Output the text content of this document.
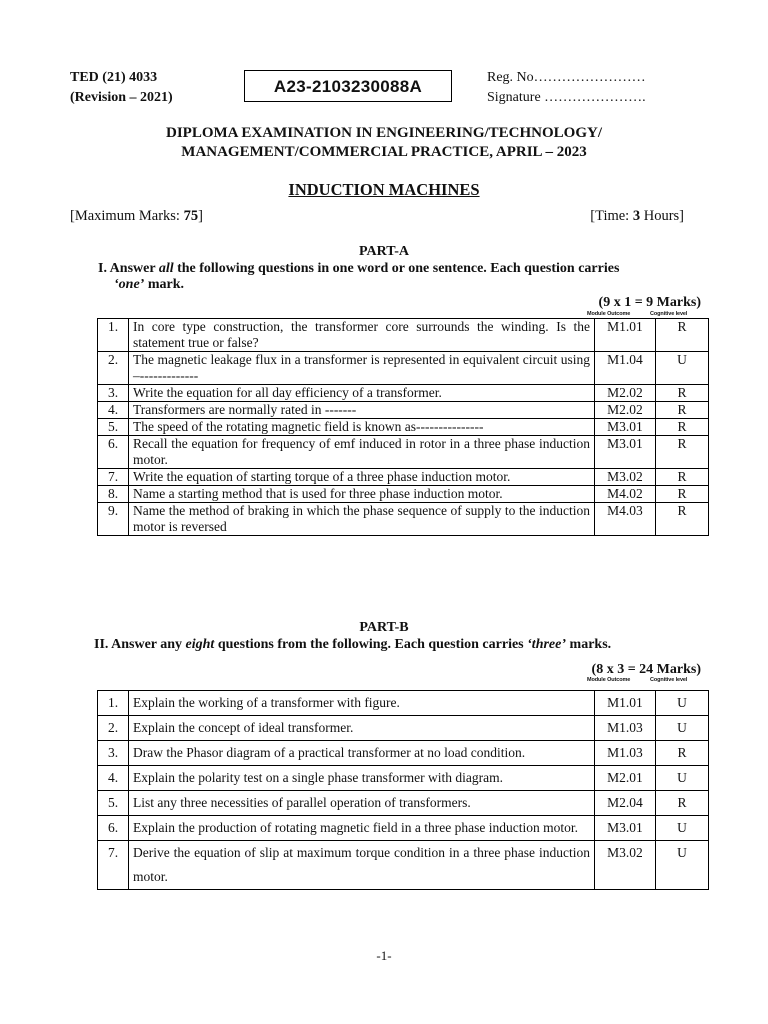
TED (21) 4033
(Revision – 2021)
A23-2103230088A	Reg. No……………………
Signature ………………….
DIPLOMA EXAMINATION IN ENGINEERING/TECHNOLOGY/
MANAGEMENT/COMMERCIAL PRACTICE, APRIL – 2023
INDUCTION MACHINES
[Maximum Marks: 75]	[Time: 3 Hours]
PART-A
I. Answer all the following questions in one word or one sentence. Each question carries
‘one’ mark.
(9 x 1 = 9 Marks)
Module Outcome	Cognitive level
1.	In core type construction, the transformer core surrounds the winding. Is the statement true or false?	M1.01	R
2.	The magnetic leakage flux in a transformer is represented in equivalent circuit using –-------------	M1.04	U
3.	Write the equation for all day efficiency of a transformer.	M2.02	R
4.	Transformers are normally rated in -------	M2.02	R
5.	The speed of the rotating magnetic field is known as---------------	M3.01	R
6.	Recall the equation for frequency of emf induced in rotor in a three phase induction motor.	M3.01	R
7.	Write the equation of starting torque of a three phase induction motor.	M3.02	R
8.	Name a starting method that is used for three phase induction motor.	M4.02	R
9.	Name the method of braking in which the phase sequence of supply to the induction motor is reversed	M4.03	R
PART-B
II. Answer any eight questions from the following. Each question carries ‘three’ marks.
(8 x 3 = 24 Marks)
Module Outcome	Cognitive level
1.	Explain the working of a transformer with figure.	M1.01	U
2.	Explain the concept of ideal transformer.	M1.03	U
3.	Draw the Phasor diagram of a practical transformer at no load condition.	M1.03	R
4.	Explain the polarity test on a single phase transformer with diagram.	M2.01	U
5.	List any three necessities of parallel operation of transformers.	M2.04	R
6.	Explain the production of rotating magnetic field in a three phase induction motor.	M3.01	U
7.	Derive the equation of slip at maximum torque condition in a three phase induction motor.	M3.02	U
-1-
